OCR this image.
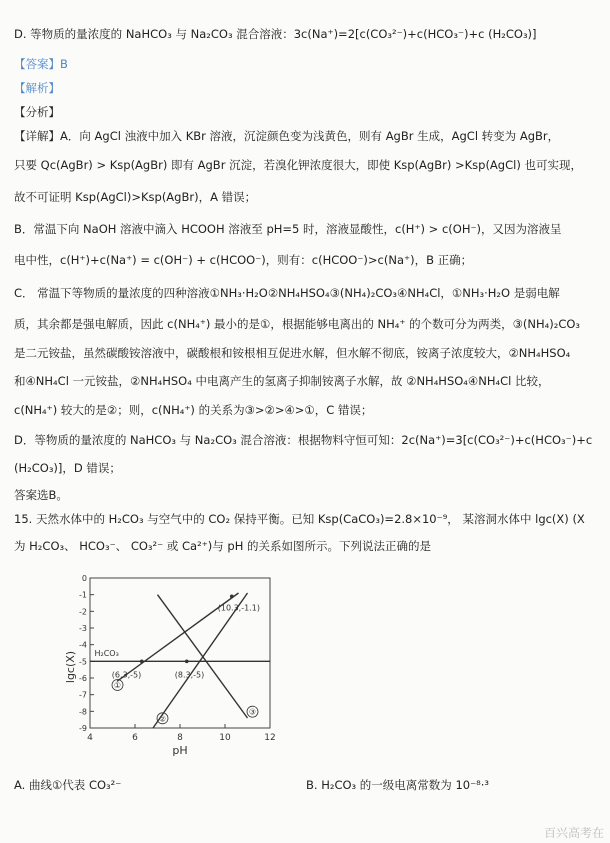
D. 等物质的量浓度的 NaHCO₃ 与 Na₂CO₃ 混合溶液：3c(Na⁺)=2[c(CO₃²⁻)+c(HCO₃⁻)+c (H₂CO₃)]
【答案】B
【解析】
【分析】
【详解】A．向 AgCl 浊液中加入 KBr 溶液，沉淀颜色变为浅黄色，则有 AgBr 生成，AgCl 转变为 AgBr，
只要 Qc(AgBr) > Ksp(AgBr) 即有 AgBr 沉淀，若溴化钾浓度很大，即使 Ksp(AgBr) >Ksp(AgCl) 也可实现，
故不可证明 Ksp(AgCl)>Ksp(AgBr)，A 错误；
B．常温下向 NaOH 溶液中滴入 HCOOH 溶液至 pH=5 时，溶液显酸性，c(H⁺) > c(OH⁻)，又因为溶液呈
电中性，c(H⁺)+c(Na⁺) = c(OH⁻) + c(HCOO⁻)，则有：c(HCOO⁻)>c(Na⁺)，B 正确；
C． 常温下等物质的量浓度的四种溶液①NH₃·H₂O②NH₄HSO₄③(NH₄)₂CO₃④NH₄Cl，①NH₃·H₂O 是弱电解
质，其余都是强电解质，因此 c(NH₄⁺) 最小的是①，根据能够电离出的 NH₄⁺ 的个数可分为两类，③(NH₄)₂CO₃
是二元铵盐，虽然碳酸铵溶液中，碳酸根和铵根相互促进水解，但水解不彻底，铵离子浓度较大，②NH₄HSO₄
和④NH₄Cl 一元铵盐，②NH₄HSO₄ 中电离产生的氢离子抑制铵离子水解，故 ②NH₄HSO₄④NH₄Cl 比较，
c(NH₄⁺) 较大的是②；则，c(NH₄⁺) 的关系为③>②>④>①，C 错误；
D．等物质的量浓度的 NaHCO₃ 与 Na₂CO₃ 混合溶液：根据物料守恒可知：2c(Na⁺)=3[c(CO₃²⁻)+c(HCO₃⁻)+c
(H₂CO₃)]，D 错误；
答案选B。
15. 天然水体中的 H₂CO₃ 与空气中的 CO₂ 保持平衡。已知 Ksp(CaCO₃)=2.8×10⁻⁹， 某溶洞水体中 lgc(X) (X
为 H₂CO₃、 HCO₃⁻、 CO₃²⁻ 或 Ca²⁺)与 pH 的关系如图所示。下列说法正确的是
A. 曲线①代表 CO₃²⁻	B. H₂CO₃ 的一级电离常数为 10⁻⁸·³
4	6	8	10	12
0
-1
-2
-3
-4
-5
-6
-7
-8
-9
pH
lgc(X) H₂CO₃
(6.3,-5)	(8.3,-5)
(10.3,-1.1)
①
②
③
百兴高考在
